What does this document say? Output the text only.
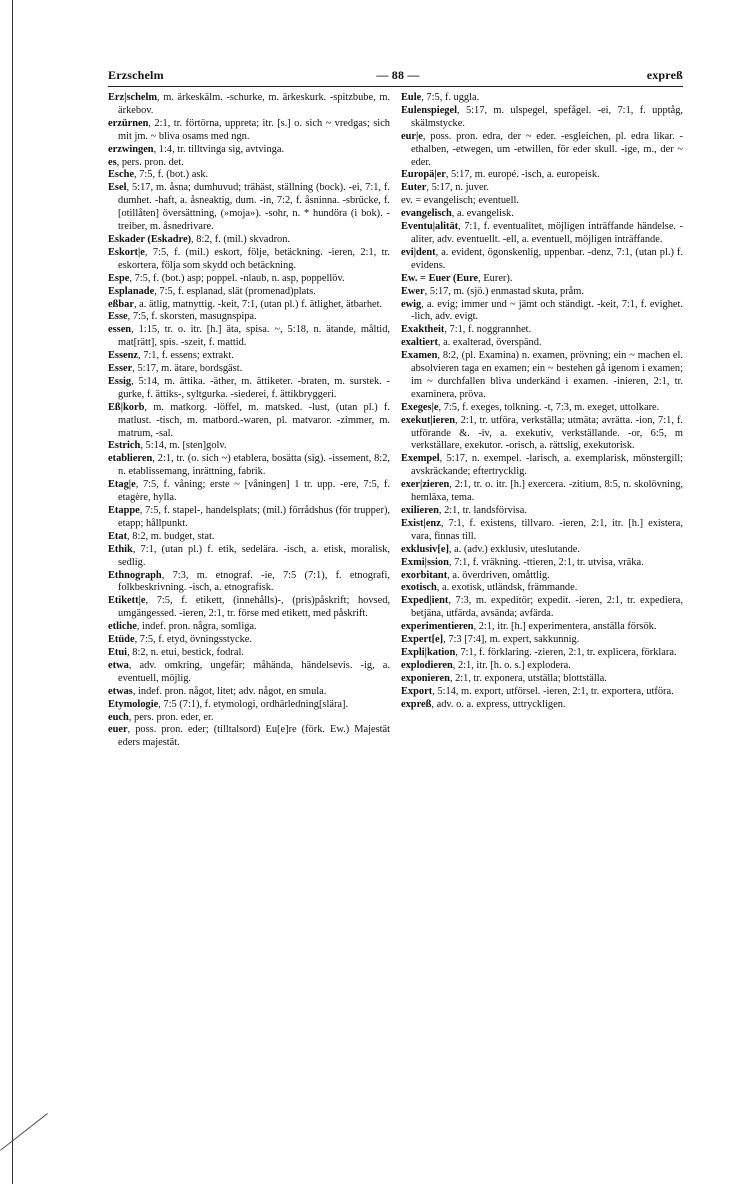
Erzschelm	— 88 —	expreß

Erz|schelm, m. ärkeskälm. -schurke, m. ärkeskurk. -spitzbube, m. ärkebov.

erzürnen, 2:1, tr. förtörna, uppreta; itr. [s.] o. sich ~ vredgas; sich mit jm. ~ bliva osams med ngn.

erzwingen, 1:4, tr. tilltvinga sig, avtvinga.

es, pers. pron. det.

Esche, 7:5, f. (bot.) ask.

Esel, 5:17, m. åsna; dumhuvud; trähäst, ställning (bock). -ei, 7:1, f. dumhet. -haft, a. åsneaktig, dum. -in, 7:2, f. åsninna. -sbrücke, f. [otillåten] översättning, (»moja»). -sohr, n. * hundöra (i bok). -treiber, m. åsnedrivare.

Eskader (Eskadre), 8:2, f. (mil.) skvadron.

Eskort|e, 7:5, f. (mil.) eskort, följe, betäckning. -ieren, 2:1, tr. eskortera, följa som skydd och betäckning.

Espe, 7:5, f. (bot.) asp; poppel. -nlaub, n. asp, poppellöv.

Esplanade, 7:5, f. esplanad, slät (promenad)plats.

eßbar, a. ätlig, matnyttig. -keit, 7:1, (utan pl.) f. ätlighet, ätbarhet.

Esse, 7:5, f. skorsten, masugnspipa.

essen, 1:15, tr. o. itr. [h.] äta, spisa. ~, 5:18, n. ätande, måltid, mat[rätt], spis. -szeit, f. mattid.

Essenz, 7:1, f. essens; extrakt.

Esser, 5:17, m. ätare, bordsgäst.

Essig, 5:14, m. ättika. -äther, m. ättiketer. -braten, m. surstek. -gurke, f. ättiks-, syltgurka. -siederei, f. ättikbryggeri.

Eß|korb, m. matkorg. -löffel, m. matsked. -lust, (utan pl.) f. matlust. -tisch, m. matbord.-waren, pl. matvaror. -zimmer, m. matrum, -sal.

Estrich, 5:14, m. [sten]golv.

etablieren, 2:1, tr. (o. sich ~) etablera, bosätta (sig). -issement, 8:2, n. etablissemang, inrättning, fabrik.

Etag|e, 7:5, f. våning; erste ~ [våningen] 1 tr. upp. -ere, 7:5, f. etagère, hylla.

Etappe, 7:5, f. stapel-, handelsplats; (mil.) förrådshus (för trupper), etapp; hållpunkt.

Etat, 8:2, m. budget, stat.

Ethik, 7:1, (utan pl.) f. etik, sedelära. -isch, a. etisk, moralisk, sedlig.

Ethnograph, 7:3, m. etnograf. -ie, 7:5 (7:1), f. etnografi, folkbeskrivning. -isch, a. etnografisk.

Etikett|e, 7:5, f. etikett, (innehålls)-, (pris)påskrift; hovsed, umgängessed. -ieren, 2:1, tr. förse med etikett, med påskrift.

etliche, indef. pron. några, somliga.

Etüde, 7:5, f. etyd, övningsstycke.

Etui, 8:2, n. etui, bestick, fodral.

etwa, adv. omkring, ungefär; måhända, händelsevis. -ig, a. eventuell, möjlig.

etwas, indef. pron. något, litet; adv. något, en smula.

Etymologie, 7:5 (7:1), f. etymologi, ordhärledning[slära].

euch, pers. pron. eder, er.

euer, poss. pron. eder; (tilltalsord) Eu[e]re (förk. Ew.) Majestät eders majestät.

Eule, 7:5, f. uggla.

Eulenspiegel, 5:17, m. ulspegel, spefågel. -ei, 7:1, f. upptåg, skälmstycke.

eur|e, poss. pron. edra, der ~ eder. -esgleichen, pl. edra likar. -ethalben, -etwegen, um -etwillen, för eder skull. -ige, m., der ~ eder.

Europä|er, 5:17, m. europé. -isch, a. europeisk.

Euter, 5:17, n. juver.

ev. = evangelisch; eventuell.

evangelisch, a. evangelisk.

Eventu|alität, 7:1, f. eventualitet, möjligen inträffande händelse. -aliter, adv. eventuellt. -ell, a. eventuell, möjligen inträffande.

evi|dent, a. evident, ögonskenlig, uppenbar. -denz, 7:1, (utan pl.) f. evidens.

Ew. = Euer (Eure, Eurer).

Ewer, 5:17, m. (sjö.) enmastad skuta, pråm.

ewig, a. evig; immer und ~ jämt och ständigt. -keit, 7:1, f. evighet. -lich, adv. evigt.

Exaktheit, 7:1, f. noggrannhet.

exaltiert, a. exalterad, överspänd.

Examen, 8:2, (pl. Examina) n. examen, prövning; ein ~ machen el. absolvieren taga en examen; ein ~ bestehen gå igenom i examen; im ~ durchfallen bliva underkänd i examen. -inieren, 2:1, tr. examinera, pröva.

Exeges|e, 7:5, f. exeges, tolkning. -t, 7:3, m. exeget, uttolkare.

exekut|ieren, 2:1, tr. utföra, verkställa; utmäta; avrätta. -ion, 7:1, f. utförande &. -iv, a. exekutiv, verkställande. -or, 6:5, m verkställare, exekutor. -orisch, a. rättslig, exekutorisk.

Exempel, 5:17, n. exempel. -larisch, a. exemplarisk, mönstergill; avskräckande; eftertrycklig.

exer|zieren, 2:1, tr. o. itr. [h.] exercera. -zitium, 8:5, n. skolövning, hemläxa, tema.

exilieren, 2:1, tr. landsförvisa.

Exist|enz, 7:1, f. existens, tillvaro. -ieren, 2:1, itr. [h.] existera, vara, finnas till.

exklusiv[e], a. (adv.) exklusiv, uteslutande.

Exmi|ssion, 7:1, f. vräkning. -ttieren, 2:1, tr. utvisa, vräka.

exorbitant, a. överdriven, omåttlig.

exotisch, a. exotisk, utländsk, främmande.

Exped|ient, 7:3, m. expeditör; expedit. -ieren, 2:1, tr. expediera, betjäna, utfärda, avsända; avfärda.

experimentieren, 2:1, itr. [h.] experimentera, anställa försök.

Expert[e], 7:3 [7:4], m. expert, sakkunnig.

Expli|kation, 7:1, f. förklaring. -zieren, 2:1, tr. explicera, förklara.

explodieren, 2:1, itr. [h. o. s.] explodera.

exponieren, 2:1, tr. exponera, utställa; blottställa.

Export, 5:14, m. export, utförsel. -ieren, 2:1, tr. exportera, utföra.

expreß, adv. o. a. express, uttryckligen.
